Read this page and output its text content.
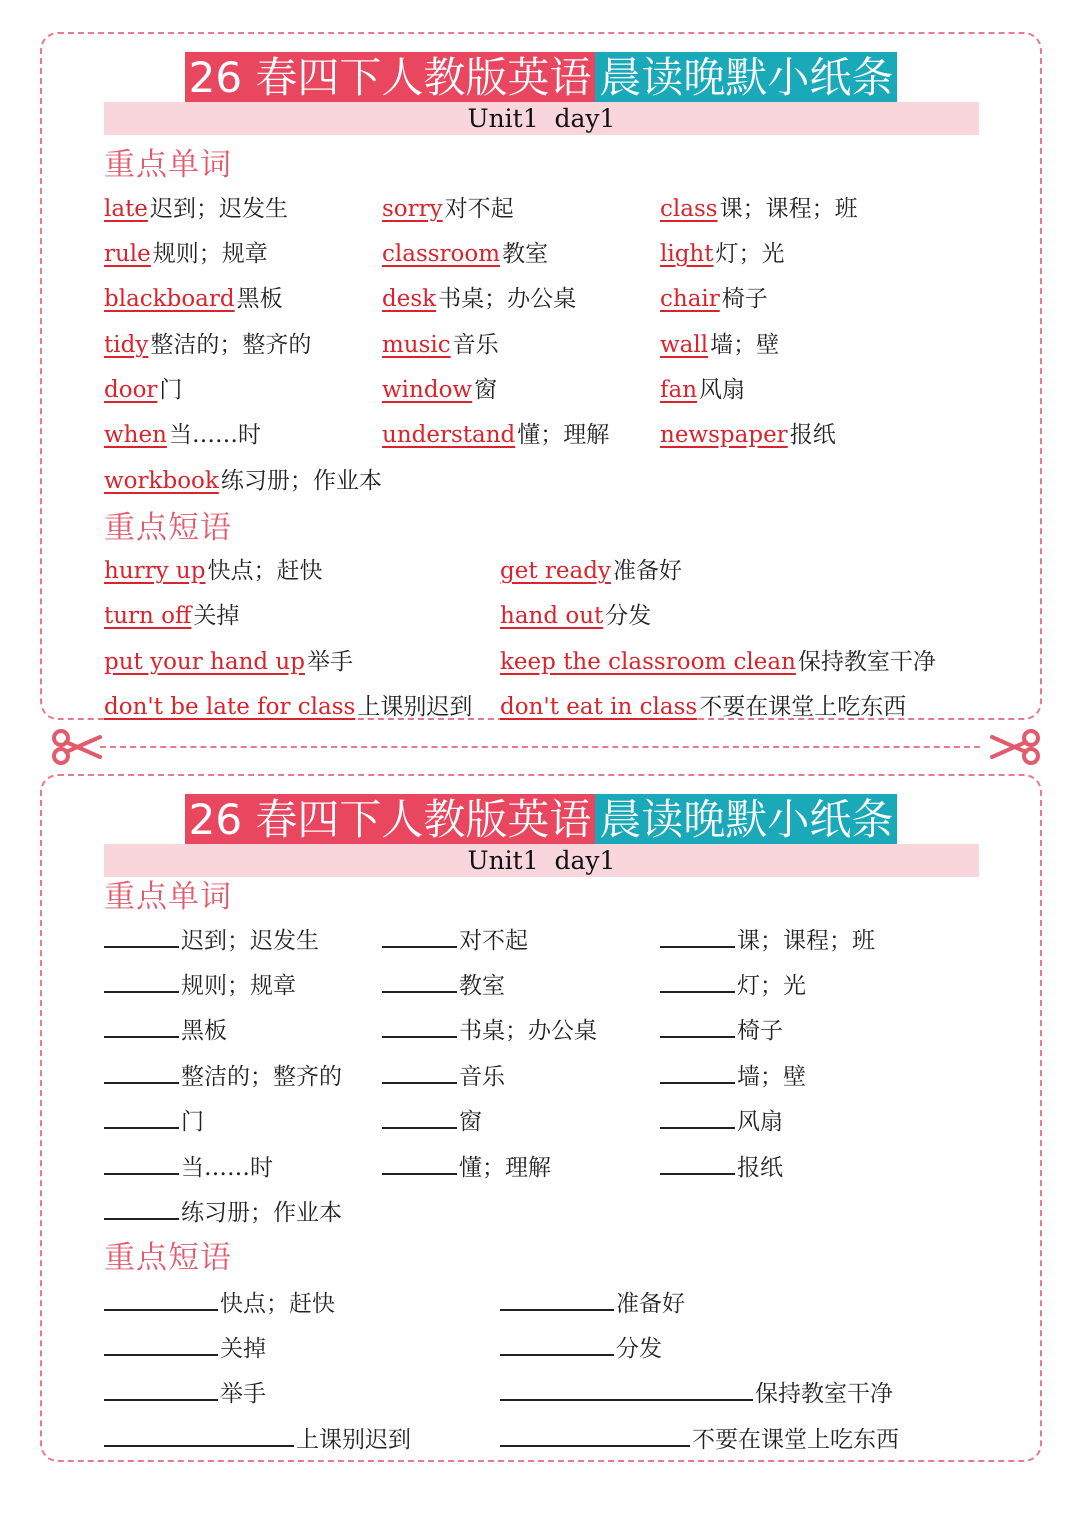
26 春四下人教版英语 晨读晚默小纸条
Unit1  day1
重点单词
late迟到；迟发生	sorry对不起	class课；课程；班
rule规则；规章	classroom教室	light灯；光
blackboard黑板	desk书桌；办公桌	chair椅子
tidy整洁的；整齐的	music音乐	wall墙；壁
door门	window窗	fan风扇
when当……时	understand懂；理解 newspaper报纸
workbook练习册；作业本
重点短语
hurry up快点；赶快	get ready准备好
turn off关掉	hand out分发
put your hand up举手	keep the classroom clean保持教室干净
don't be late for class上课别迟到 don't eat in class不要在课堂上吃东西
26 春四下人教版英语 晨读晚默小纸条
Unit1  day1
重点单词
迟到；迟发生	对不起	课；课程；班
规则；规章	教室	灯；光
黑板	书桌；办公桌	椅子
整洁的；整齐的	音乐	墙；壁
门	窗	风扇
当……时	懂；理解	报纸
练习册；作业本
重点短语
快点；赶快	准备好
关掉	分发
举手	保持教室干净
上课别迟到	不要在课堂上吃东西
